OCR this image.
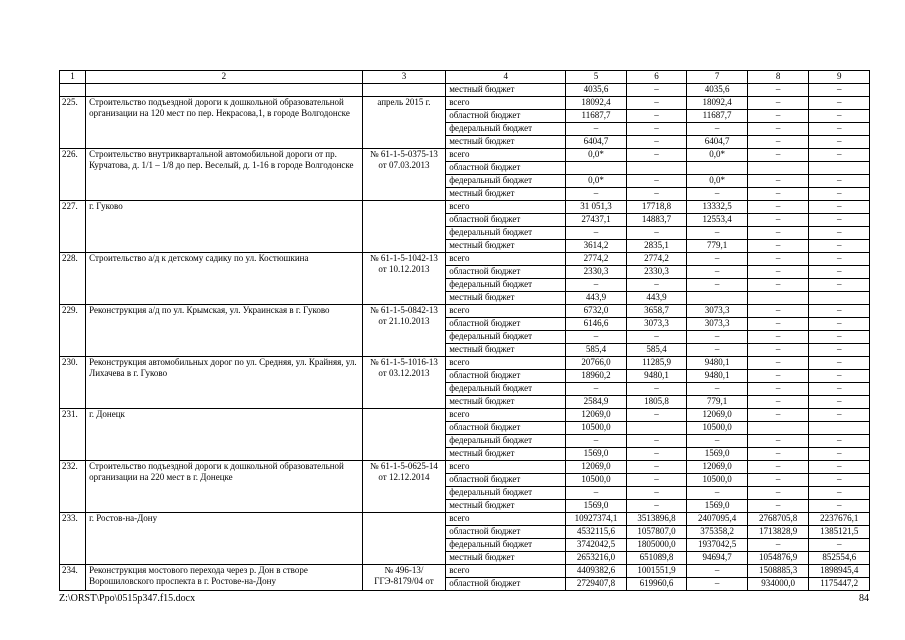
1	2	3	4	5	6	7	8	9
			местный бюджет	4035,6	–	4035,6	–	–
225.	Строительство подъездной дороги к дошкольной образовательной организации на 120 мест по пер. Некрасова,1, в городе Волгодонске	апрель 2015 г.	всего	18092,4	–	18092,4	–	–
			областной бюджет	11687,7	–	11687,7	–	–
			федеральный бюджет	–	–	–	–	–
			местный бюджет	6404,7	–	6404,7	–	–
226.	Строительство внутриквартальной автомобильной дороги от пр. Курчатова, д. 1/1 – 1/8 до пер. Веселый, д. 1-16 в городе Волгодонске	№ 61-1-5-0375-13 от 07.03.2013	всего	0,0*	–	0,0*	–	–
			областной бюджет					
			федеральный бюджет	0,0*	–	0,0*	–	–
			местный бюджет	–	–	–	–	–
227.	г. Гуково		всего	31 051,3	17718,8	13332,5	–	–
			областной бюджет	27437,1	14883,7	12553,4	–	–
			федеральный бюджет	–	–	–	–	–
			местный бюджет	3614,2	2835,1	779,1	–	–
228.	Строительство а/д к детскому садику по ул. Костюшкина	№ 61-1-5-1042-13 от 10.12.2013	всего	2774,2	2774,2	–	–	–
			областной бюджет	2330,3	2330,3	–	–	–
			федеральный бюджет	–	–	–	–	–
			местный бюджет	443,9	443,9			
229.	Реконструкция а/д по ул. Крымская, ул. Украинская в г. Гуково	№ 61-1-5-0842-13 от 21.10.2013	всего	6732,0	3658,7	3073,3	–	–
			областной бюджет	6146,6	3073,3	3073,3	–	–
			федеральный бюджет	–	–	–	–	–
			местный бюджет	585,4	585,4	–	–	–
230.	Реконструкция автомобильных дорог по ул. Средняя, ул. Крайняя, ул. Лихачева в г. Гуково	№ 61-1-5-1016-13 от 03.12.2013	всего	20766,0	11285,9	9480,1	–	–
			областной бюджет	18960,2	9480,1	9480,1	–	–
			федеральный бюджет	–	–	–	–	–
			местный бюджет	2584,9	1805,8	779,1	–	–
231.	г. Донецк		всего	12069,0	–	12069,0	–	–
			областной бюджет	10500,0		10500,0		
			федеральный бюджет	–	–	–	–	–
			местный бюджет	1569,0	–	1569,0	–	–
232.	Строительство подъездной дороги к дошкольной образовательной организации на 220 мест в г. Донецке	№ 61-1-5-0625-14 от 12.12.2014	всего	12069,0	–	12069,0	–	–
			областной бюджет	10500,0	–	10500,0	–	–
			федеральный бюджет	–	–	–	–	–
			местный бюджет	1569,0	–	1569,0	–	–
233.	г. Ростов-на-Дону		всего	10927374,1	3513896,8	2407095,4	2768705,8	2237676,1
			областной бюджет	4532115,6	1057807,0	375358,2	1713828,9	1385121,5
			федеральный бюджет	3742042,5	1805000,0	1937042,5	–	–
			местный бюджет	2653216,0	651089,8	94694,7	1054876,9	852554,6
234.	Реконструкция мостового перехода через р. Дон в створе Ворошиловского проспекта в г. Ростове-на-Дону	№ 496-13/ГГЭ-8179/04 от	всего	4409382,6	1001551,9	–	1508885,3	1898945,4
			областной бюджет	2729407,8	619960,6	–	934000,0	1175447,2
Z:\ORST\Ppo\0515p347.f15.docx	84
